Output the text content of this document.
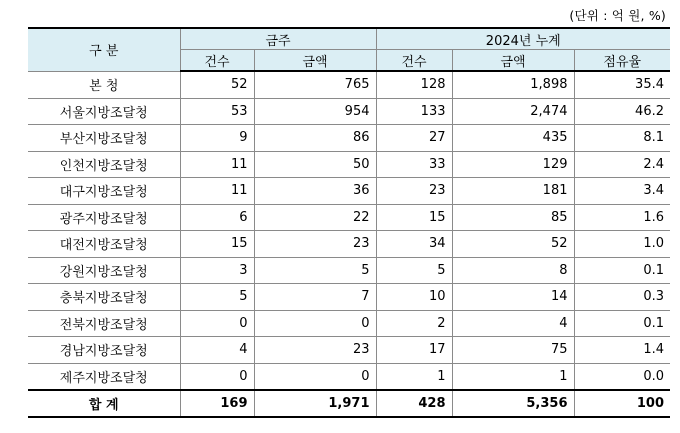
(단위 : 억 원, %)
구 분	금주		2024년 누계		
	건수	금액	건수	금액	점유율
본 청	52	765	128	1,898	35.4
서울지방조달청	53	954	133	2,474	46.2
부산지방조달청	9	86	27	435	8.1
인천지방조달청	11	50	33	129	2.4
대구지방조달청	11	36	23	181	3.4
광주지방조달청	6	22	15	85	1.6
대전지방조달청	15	23	34	52	1.0
강원지방조달청	3	5	5	8	0.1
충북지방조달청	5	7	10	14	0.3
전북지방조달청	0	0	2	4	0.1
경남지방조달청	4	23	17	75	1.4
제주지방조달청	0	0	1	1	0.0
합 계	169	1,971	428	5,356	100
